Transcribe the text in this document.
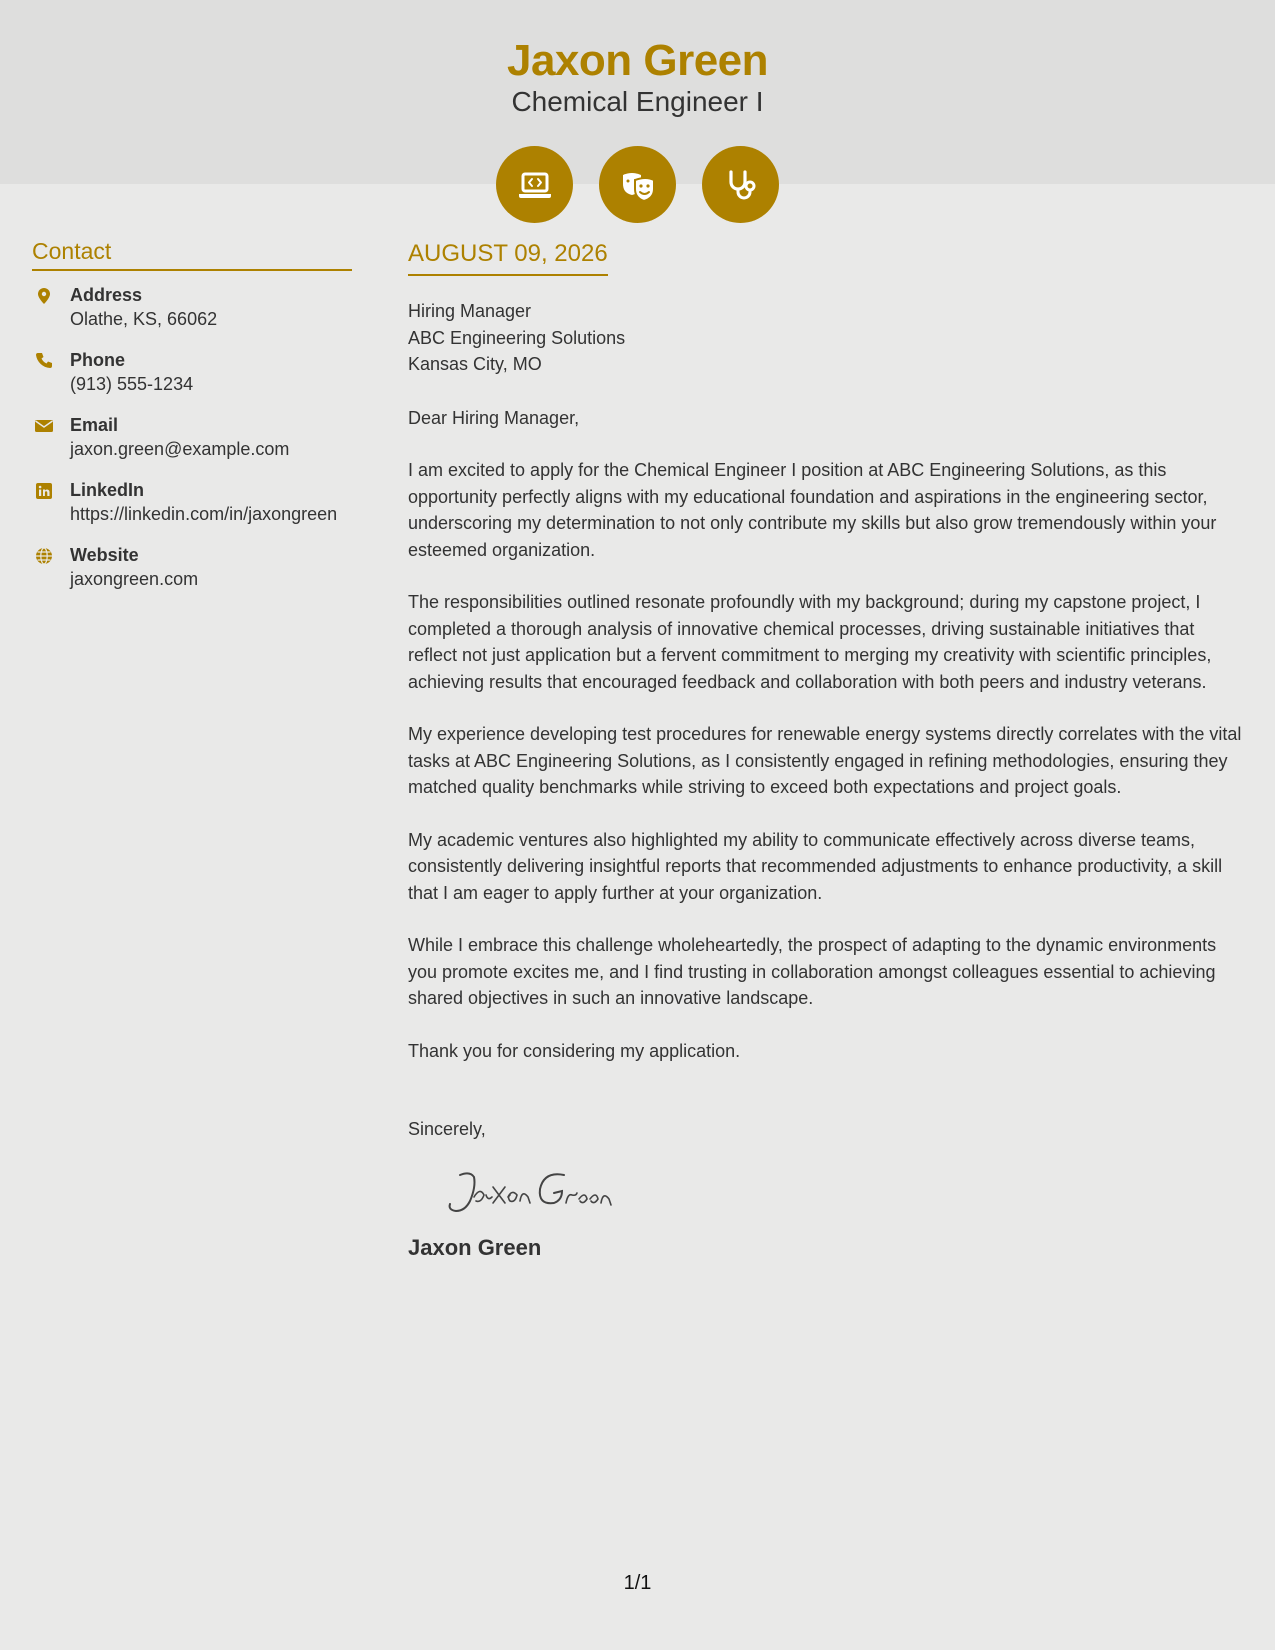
Jaxon Green
Chemical Engineer I
Contact
Address
Olathe, KS, 66062
Phone
(913) 555-1234
Email
jaxon.green@example.com
LinkedIn
https://linkedin.com/in/jaxongreen
Website
jaxongreen.com
AUGUST 09, 2026
Hiring Manager
ABC Engineering Solutions
Kansas City, MO
Dear Hiring Manager,
I am excited to apply for the Chemical Engineer I position at ABC Engineering Solutions, as this opportunity perfectly aligns with my educational foundation and aspirations in the engineering sector, underscoring my determination to not only contribute my skills but also grow tremendously within your esteemed organization.
The responsibilities outlined resonate profoundly with my background; during my capstone project, I completed a thorough analysis of innovative chemical processes, driving sustainable initiatives that reflect not just application but a fervent commitment to merging my creativity with scientific principles, achieving results that encouraged feedback and collaboration with both peers and industry veterans.
My experience developing test procedures for renewable energy systems directly correlates with the vital tasks at ABC Engineering Solutions, as I consistently engaged in refining methodologies, ensuring they matched quality benchmarks while striving to exceed both expectations and project goals.
My academic ventures also highlighted my ability to communicate effectively across diverse teams, consistently delivering insightful reports that recommended adjustments to enhance productivity, a skill that I am eager to apply further at your organization.
While I embrace this challenge wholeheartedly, the prospect of adapting to the dynamic environments you promote excites me, and I find trusting in collaboration amongst colleagues essential to achieving shared objectives in such an innovative landscape.
Thank you for considering my application.
Sincerely,
Jaxon Green
1/1
